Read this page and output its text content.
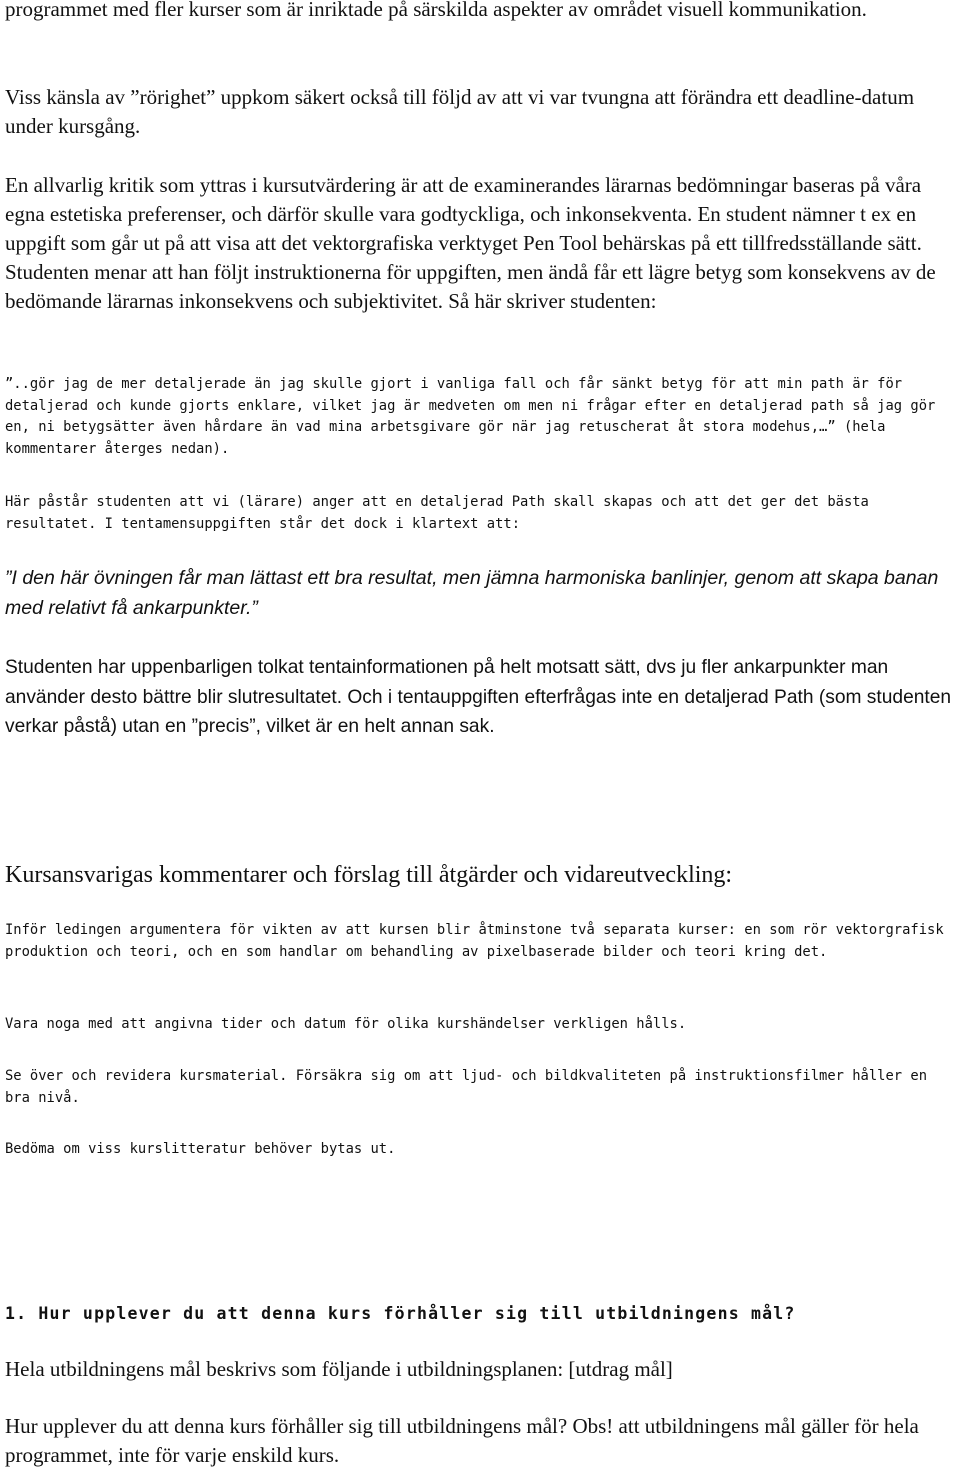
programmet med fler kurser som är inriktade på särskilda aspekter av området visuell kommunikation.

Viss känsla av ”rörighet” uppkom säkert också till följd av att vi var tvungna att förändra ett deadline-datum under kursgång.

En allvarlig kritik som yttras i kursutvärdering är att de examinerandes lärarnas bedömningar baseras på våra egna estetiska preferenser, och därför skulle vara godtyckliga, och inkonsekventa. En student nämner t ex en uppgift som går ut på att visa att det vektorgrafiska verktyget Pen Tool behärskas på ett tillfredsställande sätt. Studenten menar att han följt instruktionerna för uppgiften, men ändå får ett lägre betyg som konsekvens av de bedömande lärarnas inkonsekvens och subjektivitet. Så här skriver studenten:

”..gör jag de mer detaljerade än jag skulle gjort i vanliga fall och får sänkt betyg för att min path är för detaljerad och kunde gjorts enklare, vilket jag är medveten om men ni frågar efter en detaljerad path så jag gör en, ni betygsätter även hårdare än vad mina arbetsgivare gör när jag retuscherat åt stora modehus,…” (hela kommentarer återges nedan).

Här påstår studenten att vi (lärare) anger att en detaljerad Path skall skapas och att det ger det bästa resultatet. I tentamensuppgiften står det dock i klartext att:

”I den här övningen får man lättast ett bra resultat, men jämna harmoniska banlinjer, genom att skapa banan med relativt få ankarpunkter.”

Studenten har uppenbarligen tolkat tentainformationen på helt motsatt sätt, dvs ju fler ankarpunkter man använder desto bättre blir slutresultatet. Och i tentauppgiften efterfrågas inte en detaljerad Path (som studenten verkar påstå) utan en ”precis”, vilket är en helt annan sak.

Kursansvarigas kommentarer och förslag till åtgärder och vidareutveckling:

Inför ledingen argumentera för vikten av att kursen blir åtminstone två separata kurser: en som rör vektorgrafisk produktion och teori, och en som handlar om behandling av pixelbaserade bilder och teori kring det.

Vara noga med att angivna tider och datum för olika kurshändelser verkligen hålls.

Se över och revidera kursmaterial. Försäkra sig om att ljud- och bildkvaliteten på instruktionsfilmer håller en bra nivå.

Bedöma om viss kurslitteratur behöver bytas ut.

1. Hur upplever du att denna kurs förhåller sig till utbildningens mål?

Hela utbildningens mål beskrivs som följande i utbildningsplanen: [utdrag mål]

Hur upplever du att denna kurs förhåller sig till utbildningens mål? Obs! att utbildningens mål gäller för hela programmet, inte för varje enskild kurs.
